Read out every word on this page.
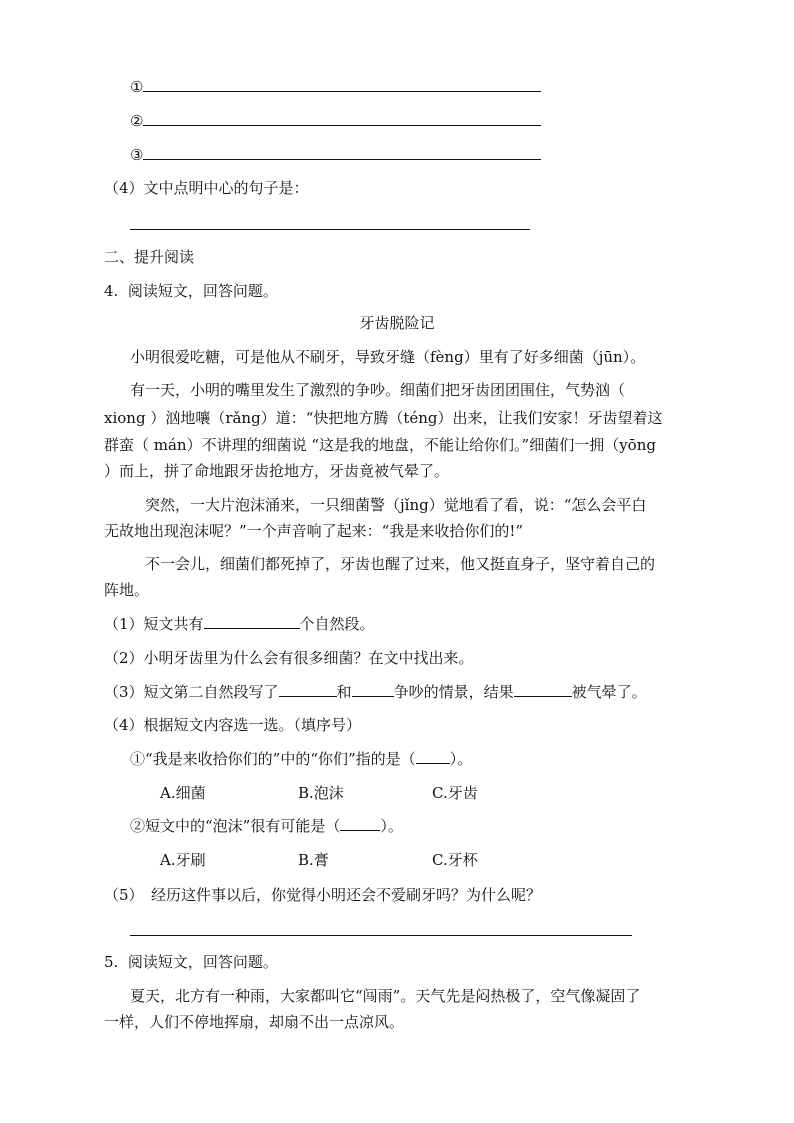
①
②
③
（4）文中点明中心的句子是：
二、提升阅读
4. 阅读短文，回答问题。
牙齿脱险记
小明很爱吃糖，可是他从不刷牙，导致牙缝（fèng）里有了好多细菌（jūn）。
有一天，小明的嘴里发生了激烈的争吵。细菌们把牙齿团团围住，气势汹（
xiong ）汹地嚷（rǎng）道：“快把地方腾（téng）出来，让我们安家！牙齿望着这
群蛮（ mán）不讲理的细菌说 “这是我的地盘，不能让给你们。”细菌们一拥（yōng
）而上，拼了命地跟牙齿抢地方，牙齿竟被气晕了。
突然，一大片泡沫涌来，一只细菌警（jǐng）觉地看了看，说：“怎么会平白
无故地出现泡沫呢？”一个声音响了起来：“我是来收拾你们的!”
不一会儿，细菌们都死掉了，牙齿也醒了过来，他又挺直身子，坚守着自己的
阵地。
（1）短文共有	个自然段。
（2）小明牙齿里为什么会有很多细菌？在文中找出来。
（3）短文第二自然段写了	和	争吵的情景，结果	被气晕了。
（4）根据短文内容选一选。（填序号）
①“我是来收拾你们的”中的“你们”指的是（ ）。
A.细菌	B.泡沫	C.牙齿
②短文中的“泡沫”很有可能是（	）。
A.牙刷	B.膏	C.牙杯
（5）　经历这件事以后，你觉得小明还会不爱刷牙吗？为什么呢？
5. 阅读短文，回答问题。
夏天，北方有一种雨，大家都叫它“闯雨”。天气先是闷热极了，空气像凝固了
一样，人们不停地挥扇，却扇不出一点凉风。
